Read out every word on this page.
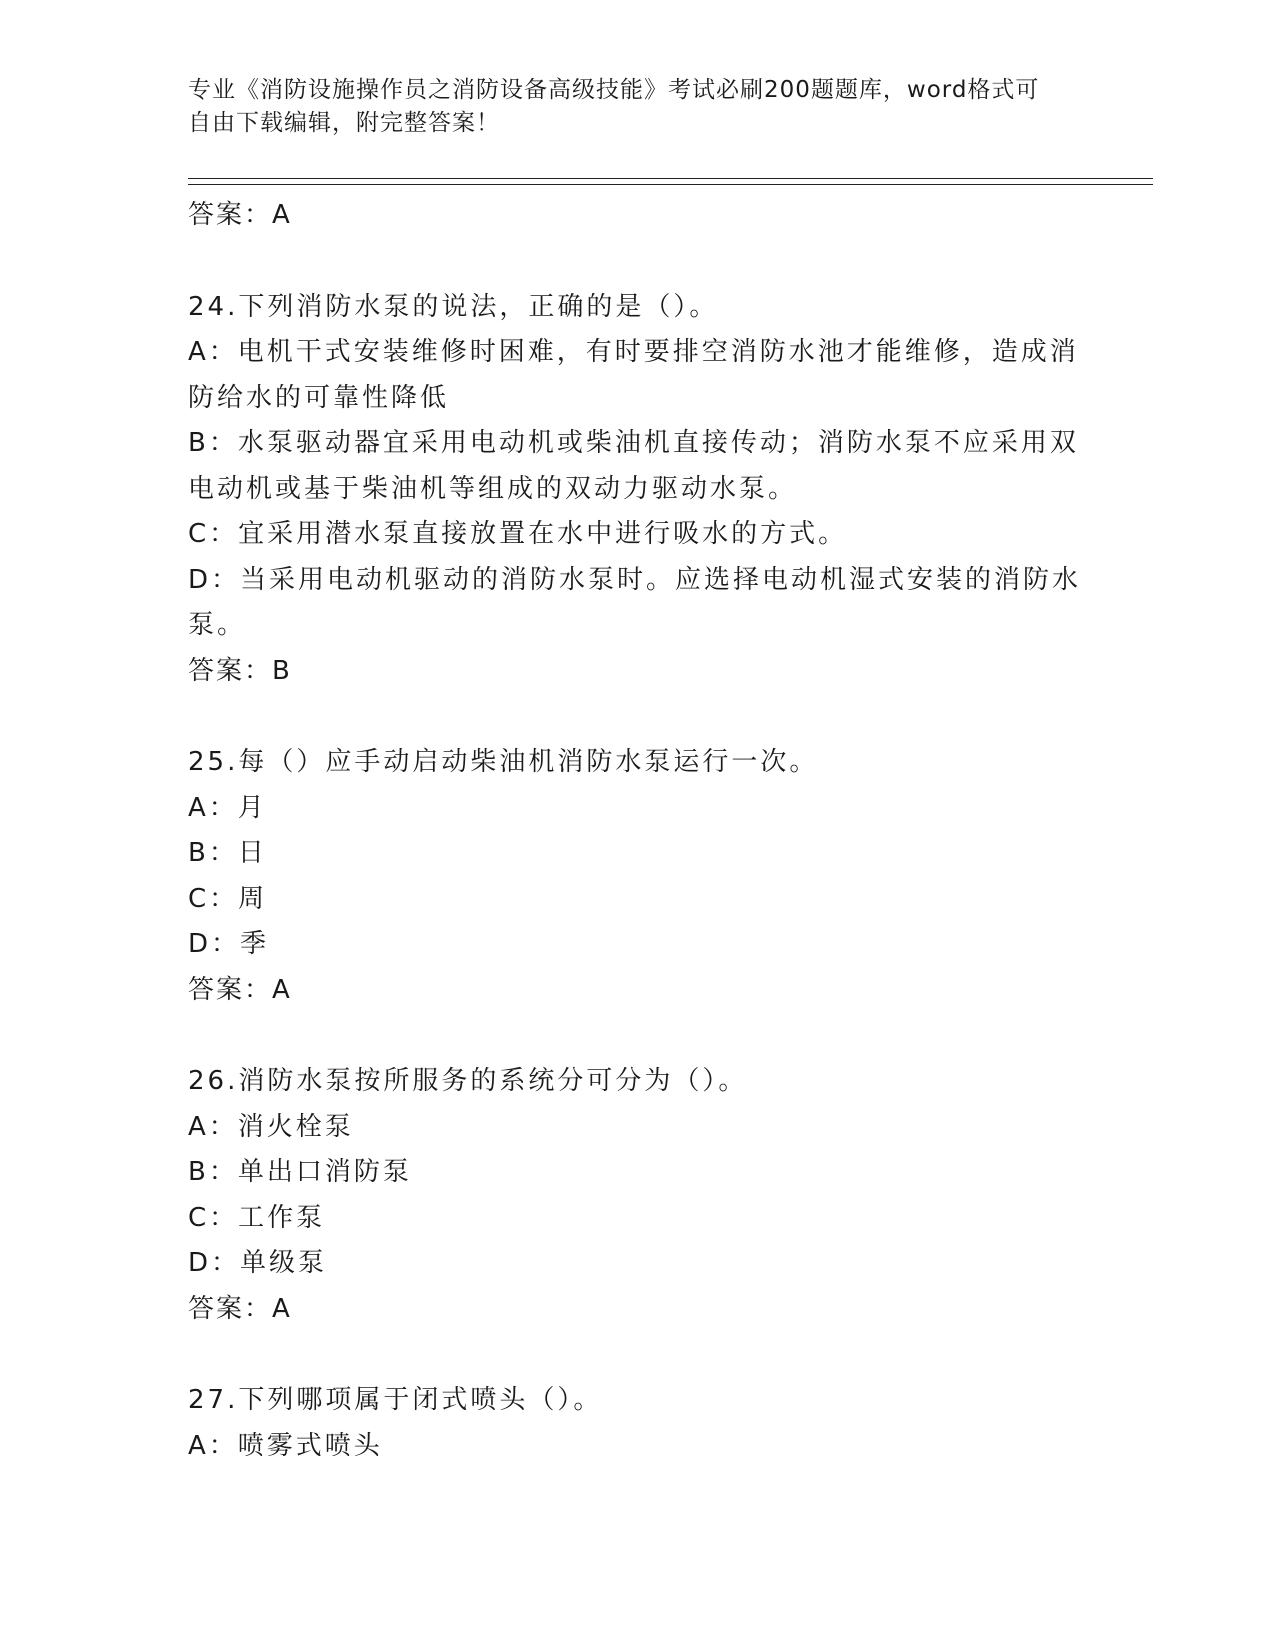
专业《消防设施操作员之消防设备高级技能》考试必刷200题题库，word格式可
自由下载编辑，附完整答案！

答案：A

24.下列消防水泵的说法，正确的是（）。

A：电机干式安装维修时困难，有时要排空消防水池才能维修，造成消

防给水的可靠性降低

B：水泵驱动器宜采用电动机或柴油机直接传动；消防水泵不应采用双

电动机或基于柴油机等组成的双动力驱动水泵。

C：宜采用潜水泵直接放置在水中进行吸水的方式。

D：当采用电动机驱动的消防水泵时。应选择电动机湿式安装的消防水

泵。

答案：B

25.每（）应手动启动柴油机消防水泵运行一次。

A：月

B：日

C：周

D：季

答案：A

26.消防水泵按所服务的系统分可分为（）。

A：消火栓泵

B：单出口消防泵

C：工作泵

D：单级泵

答案：A

27.下列哪项属于闭式喷头（）。

A：喷雾式喷头
